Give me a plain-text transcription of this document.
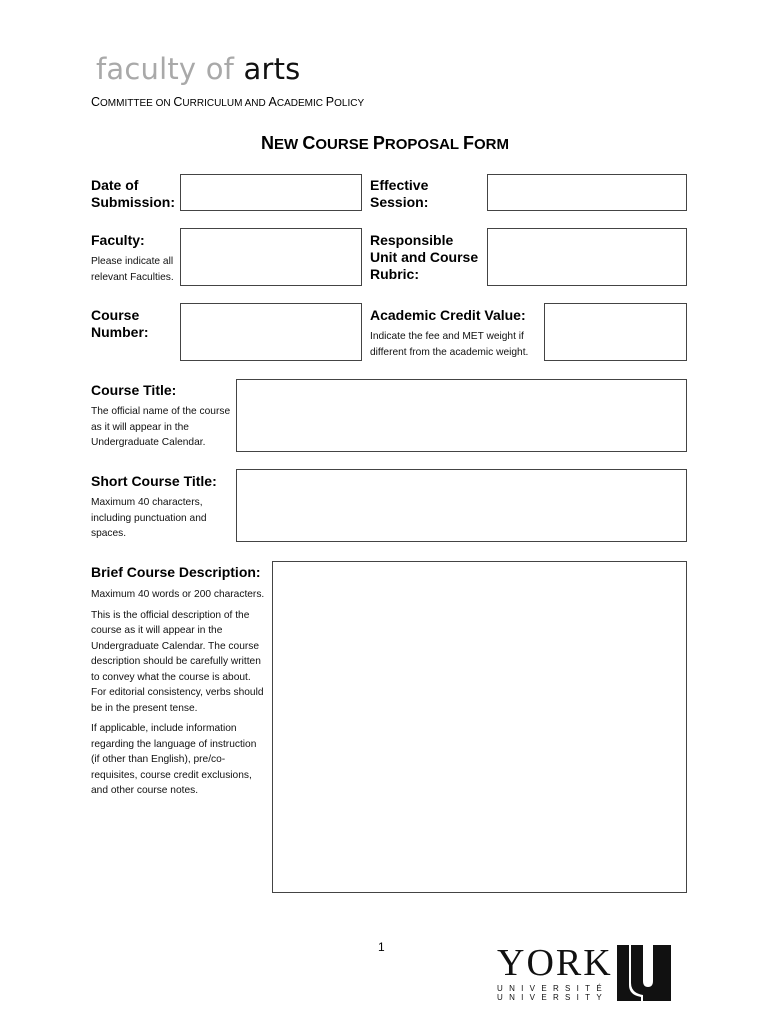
faculty of arts
COMMITTEE ON CURRICULUM AND ACADEMIC POLICY
NEW COURSE PROPOSAL FORM
Date of
Submission:
Effective
Session:
Faculty:
Please indicate all
relevant Faculties.
Responsible
Unit and Course
Rubric:
Course
Number:
Academic Credit Value:
Indicate the fee and MET weight if
different from the academic weight.
Course Title:
The official name of the course
as it will appear in the
Undergraduate Calendar.
Short Course Title:
Maximum 40 characters,
including punctuation and
spaces.
Brief Course Description:
Maximum 40 words or 200 characters.
This is the official description of the
course as it will appear in the
Undergraduate Calendar. The course
description should be carefully written
to convey what the course is about.
For editorial consistency, verbs should
be in the present tense.
If applicable, include information
regarding the language of instruction
(if other than English), pre/co-
requisites, course credit exclusions,
and other course notes.
1	YORK
UNIVERSITÉ
UNIVERSITY
